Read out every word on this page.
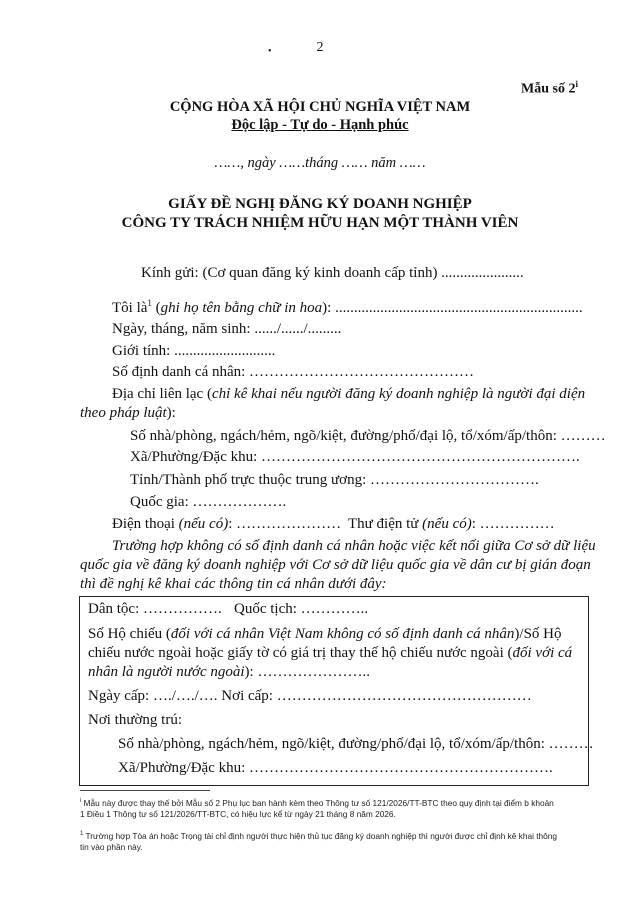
•	2
Mẫu số 2$^i$
CỘNG HÒA XÃ HỘI CHỦ NGHĨA VIỆT NAM
Độc lập - Tự do - Hạnh phúc
……, ngày ……tháng …… năm ……
GIẤY ĐỀ NGHỊ ĐĂNG KÝ DOANH NGHIỆP
CÔNG TY TRÁCH NHIỆM HỮU HẠN MỘT THÀNH VIÊN
Kính gửi: (Cơ quan đăng ký kinh doanh cấp tỉnh) ......................
Tôi $là^1$ (ghi họ tên bằng chữ in hoa): ..................................................................
Ngày, tháng, năm sinh: ....../....../.........
Giới tính: ...........................
Số định danh cá nhân: ………………………………………
Địa chỉ liên lạc (chỉ kê khai nếu người đăng ký doanh nghiệp là người đại diện
theo pháp luật):
Số nhà/phòng, ngách/hẻm, ngõ/kiệt, đường/phố/đại lộ, tổ/xóm/ấp/thôn: ………
Xã/Phường/Đặc khu: ……………………………………………………….
Tỉnh/Thành phố trực thuộc trung ương: …………………………….
Quốc gia: ……………….
Điện thoại (nếu có): ………………… Thư điện tử (nếu có): ……………
Trường hợp không có số định danh cá nhân hoặc việc kết nối giữa Cơ sở dữ liệu
quốc gia về đăng ký doanh nghiệp với Cơ sở dữ liệu quốc gia về dân cư bị gián đoạn
thì đề nghị kê khai các thông tin cá nhân dưới đây:
Dân tộc: ……………. Quốc tịch: …………..
Số Hộ chiếu (đối với cá nhân Việt Nam không có số định danh cá nhân)/Số Hộ
chiếu nước ngoài hoặc giấy tờ có giá trị thay thế hộ chiếu nước ngoài (đối với cá
nhân là người nước ngoài): …………………..
Ngày cấp: …./…./…. Nơi cấp: ……………………………………………
Nơi thường trú:
Số nhà/phòng, ngách/hẻm, ngõ/kiệt, đường/phố/đại lộ, tổ/xóm/ấp/thôn: ………
Xã/Phường/Đặc khu: …………………………………………………….
$^i$ Mẫu này được thay thế bởi Mẫu số 2 Phụ lục ban hành kèm theo Thông tư số 121/2026/TT-BTC theo quy định tại điểm b khoản 1 Điều 1 Thông tư số 121/2026/TT-BTC, có hiệu lực kể từ ngày 21 tháng 8 năm 2026.
$^1$ Trường hợp Tòa án hoặc Trọng tài chỉ định người thực hiện thủ tục đăng ký doanh nghiệp thì người được chỉ định kê khai thông tin vào phần này.
